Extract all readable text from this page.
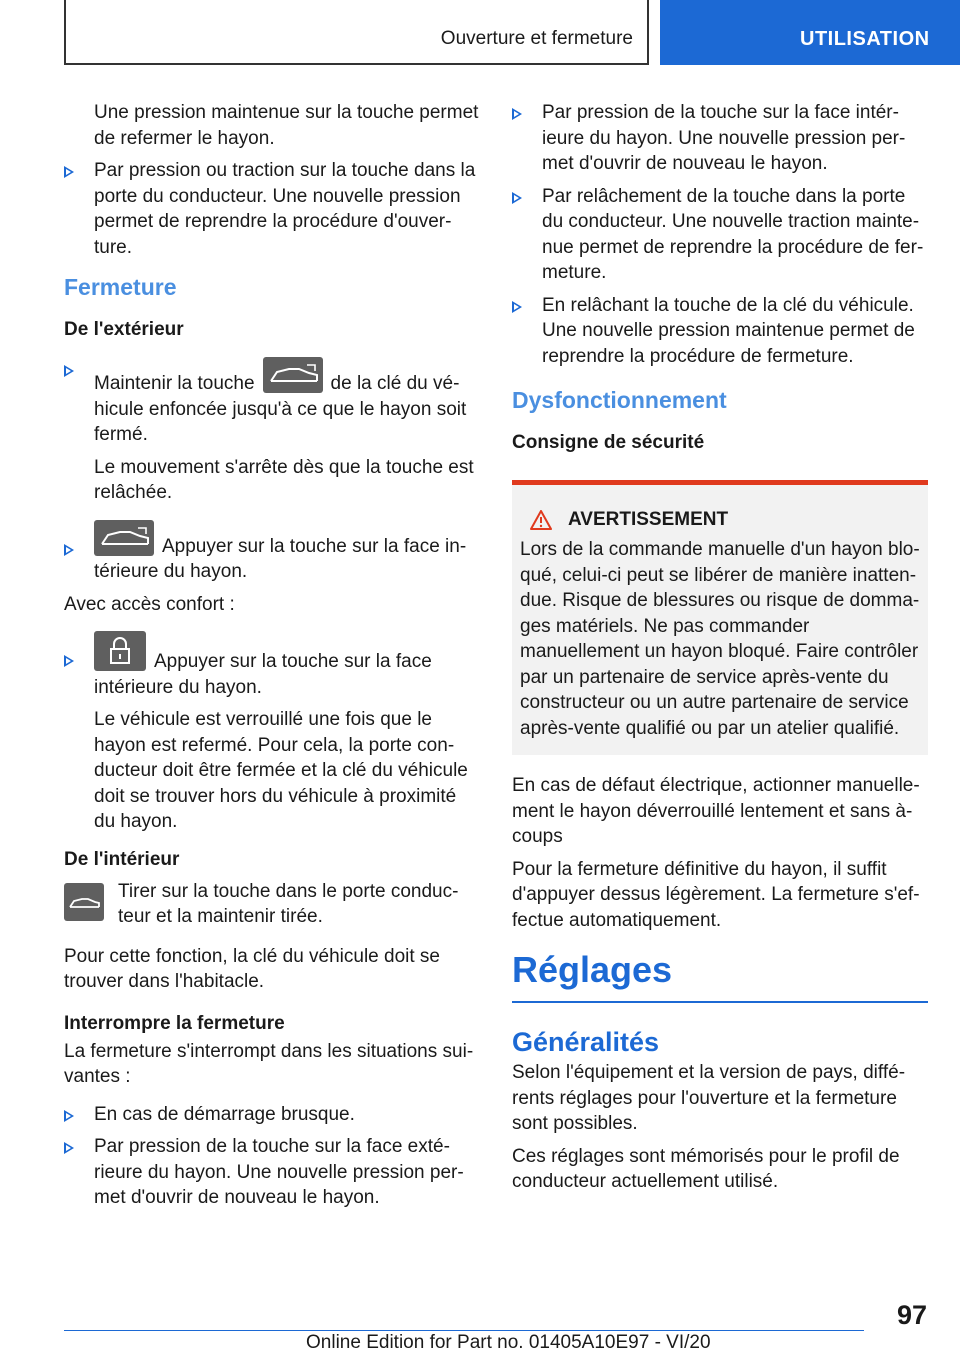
Ouverture et fermeture	UTILISATION
Une pression maintenue sur la touche permet de refermer le hayon.
Par pression ou traction sur la touche dans la porte du conducteur. Une nouvelle pression permet de reprendre la procédure d'ouverture.
Fermeture
De l'extérieur
Maintenir la touche	de la clé du véhicule enfoncée jusqu'à ce que le hayon soit fermé.
Le mouvement s'arrête dès que la touche est relâchée.
Appuyer sur la touche sur la face intérieure du hayon.
Avec accès confort :
Appuyer sur la touche sur la face intérieure du hayon.
Le véhicule est verrouillé une fois que le hayon est refermé. Pour cela, la porte conducteur doit être fermée et la clé du véhicule doit se trouver hors du véhicule à proximité du hayon.
De l'intérieur
Tirer sur la touche dans le porte conducteur et la maintenir tirée.
Pour cette fonction, la clé du véhicule doit se trouver dans l'habitacle.
Interrompre la fermeture
La fermeture s'interrompt dans les situations suivantes :
En cas de démarrage brusque.
Par pression de la touche sur la face extérieure du hayon. Une nouvelle pression permet d'ouvrir de nouveau le hayon.
Par pression de la touche sur la face intérieure du hayon. Une nouvelle pression permet d'ouvrir de nouveau le hayon.
Par relâchement de la touche dans la porte du conducteur. Une nouvelle traction maintenue permet de reprendre la procédure de fermeture.
En relâchant la touche de la clé du véhicule. Une nouvelle pression maintenue permet de reprendre la procédure de fermeture.
Dysfonctionnement
Consigne de sécurité
AVERTISSEMENT
Lors de la commande manuelle d'un hayon bloqué, celui-ci peut se libérer de manière inattendue. Risque de blessures ou risque de dommages matériels. Ne pas commander manuellement un hayon bloqué. Faire contrôler par un partenaire de service après-vente du constructeur ou un autre partenaire de service après-vente qualifié ou par un atelier qualifié.
En cas de défaut électrique, actionner manuellement le hayon déverrouillé lentement et sans à-coups
Pour la fermeture définitive du hayon, il suffit d'appuyer dessus légèrement. La fermeture s'effectue automatiquement.
Réglages
Généralités
Selon l'équipement et la version de pays, différents réglages pour l'ouverture et la fermeture sont possibles.
Ces réglages sont mémorisés pour le profil de conducteur actuellement utilisé.
97
Online Edition for Part no. 01405A10E97 - VI/20
